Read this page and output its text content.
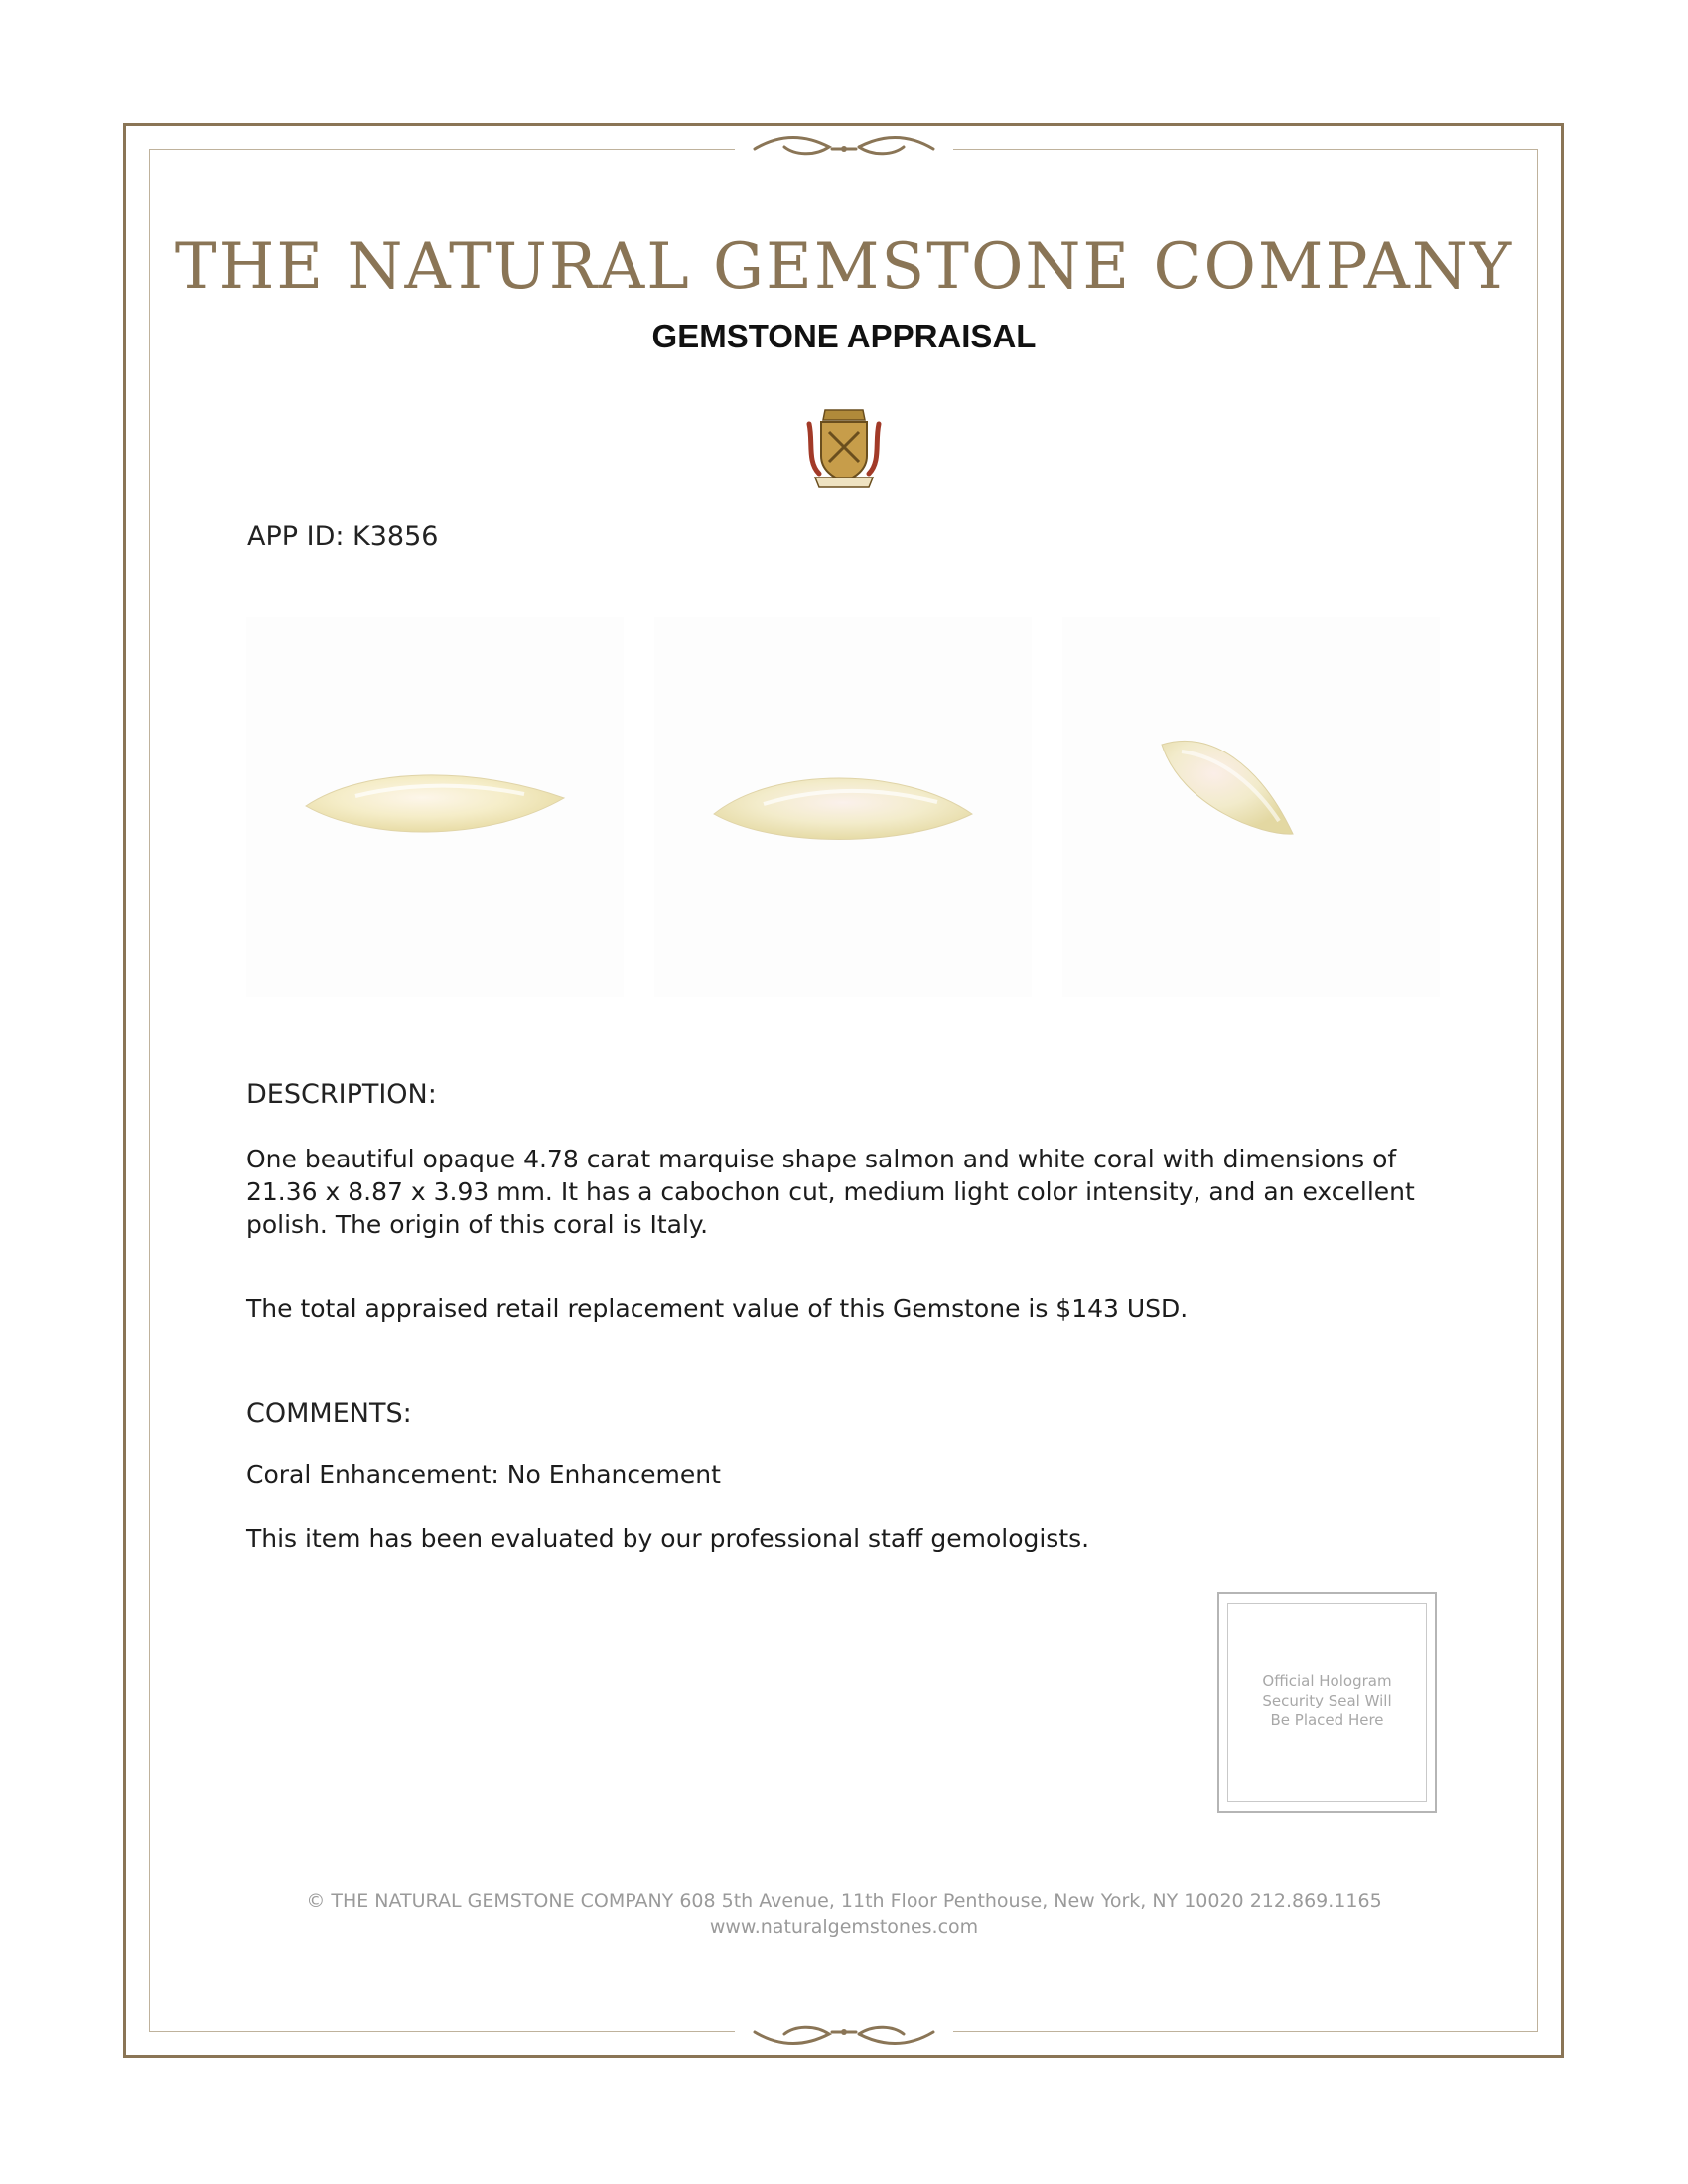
THE NATURAL GEMSTONE COMPANY
GEMSTONE APPRAISAL
APP ID: K3856
DESCRIPTION:
One beautiful opaque 4.78 carat marquise shape salmon and white coral with dimensions of 21.36 x 8.87 x 3.93 mm. It has a cabochon cut, medium light color intensity, and an excellent polish. The origin of this coral is Italy.
The total appraised retail replacement value of this Gemstone is $143 USD.
COMMENTS:
Coral Enhancement: No Enhancement
This item has been evaluated by our professional staff gemologists.
Official Hologram
Security Seal Will
Be Placed Here
© THE NATURAL GEMSTONE COMPANY 608 5th Avenue, 11th Floor Penthouse, New York, NY 10020 212.869.1165
www.naturalgemstones.com
